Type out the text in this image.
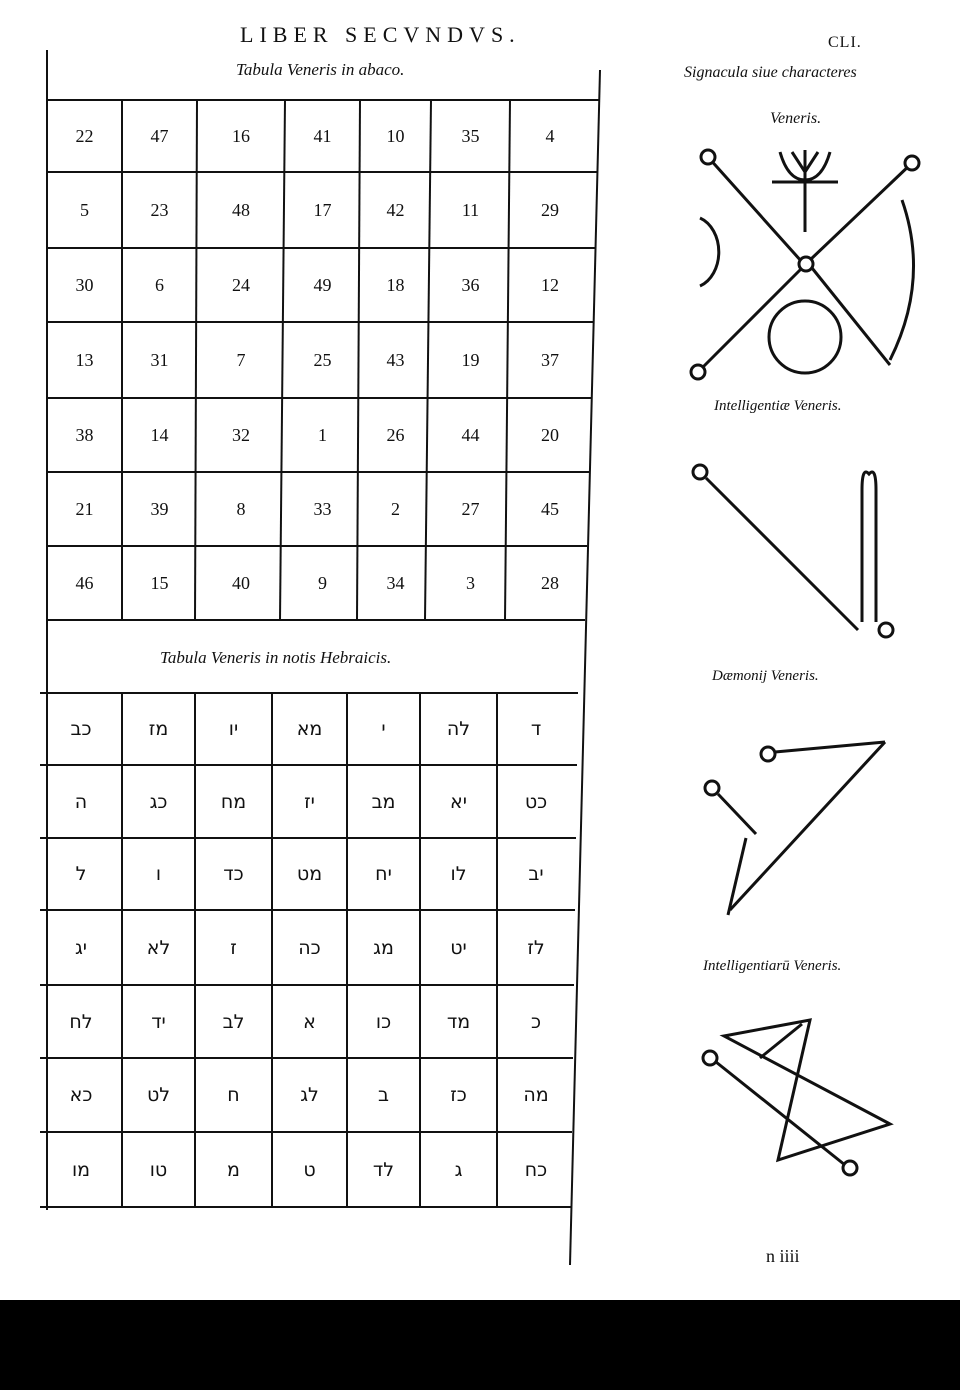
LIBER SECVNDVS.	CLI.
Tabula Veneris in abaco.
22	47	16	41	10	35	4
5	23	48	17	42	11	29
30	6	24	49	18	36	12
13	31	7	25	43	19	37
38	14	32	1	26	44	20
21	39	8	33	2	27	45
46	15	40	9	34	3	28
Tabula Veneris in notis Hebraicis.
כב	מז	יו	מא	י	לה	ד
ה	כג	מח	יז	מב	יא	כט
ל	ו	כד	מט	יח	לו	יב
יג	לא	ז	כה	מג	יט	לז
לח	יד	לב	א	כו	מד	כ
כא	לט	ח	לג	ב	כז	מה
מו	טו	מ	ט	לד	ג	כח
Signacula siue characteres
Veneris.
Intelligentiæ Veneris.
Dæmonij Veneris.
Intelligentiarū Veneris.
n iiii
